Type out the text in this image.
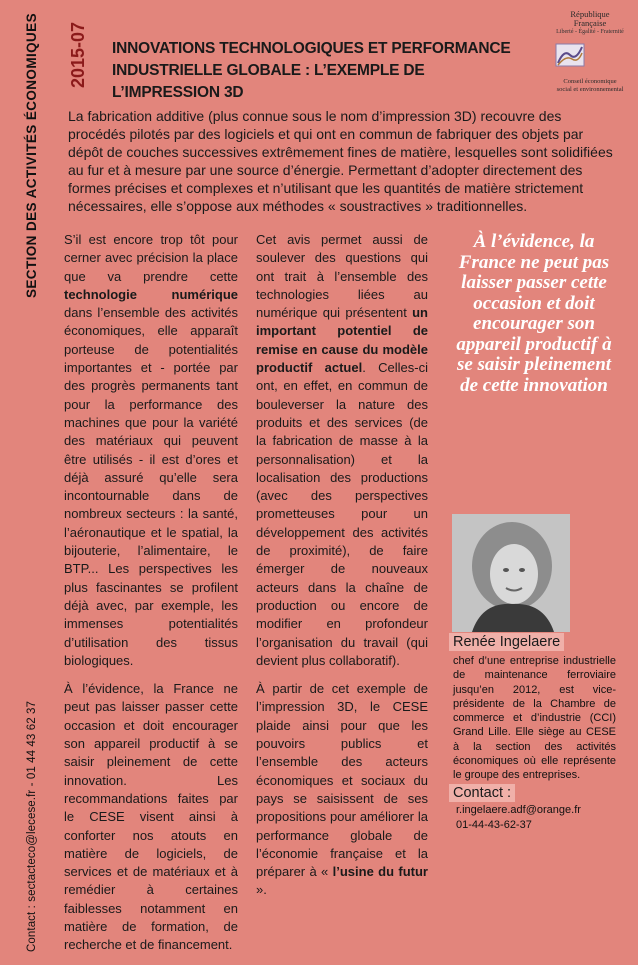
SECTION DES ACTIVITÉS ÉCONOMIQUES
Contact : sectacteco@lecese.fr - 01 44 43 62 37
2015-07 INNOVATIONS TECHNOLOGIQUES ET PERFORMANCE
INDUSTRIELLE GLOBALE : L’EXEMPLE DE L’IMPRESSION 3D
République Française
Liberté - Égalité - Fraternité
Conseil économique
social et environnemental
La fabrication additive (plus connue sous le nom d’impression 3D) recouvre des procédés pilotés par des logiciels et qui ont en commun de fabriquer des objets par dépôt de couches successives extrêmement fines de matière, lesquelles sont solidifiées au fur et à mesure par une source d’énergie. Permettant d’adopter directement des formes précises et complexes et n’utilisant que les quantités de matière strictement nécessaires, elle s’oppose aux méthodes « soustractives » traditionnelles.

S’il est encore trop tôt pour cerner avec précision la place que va prendre cette technologie numérique dans l’ensemble des activités économiques, elle apparaît porteuse de potentialités importantes et - portée par des progrès permanents tant pour la performance des machines que pour la variété des matériaux qui peuvent être utilisés - il est d’ores et déjà assuré qu’elle sera incontournable dans de nombreux secteurs : la santé, l’aéronautique et le spatial, la bijouterie, l’alimentaire, le BTP... Les perspectives les plus fascinantes se profilent déjà avec, par exemple, les immenses potentialités d’utilisation des tissus biologiques.

À l’évidence, la France ne peut pas laisser passer cette occasion et doit encourager son appareil productif à se saisir pleinement de cette innovation. Les recommandations faites par le CESE visent ainsi à conforter nos atouts en matière de logiciels, de services et de matériaux et à remédier à certaines faiblesses notamment en matière de formation, de recherche et de financement.

Cet avis permet aussi de soulever des questions qui ont trait à l’ensemble des technologies liées au numérique qui présentent un important potentiel de remise en cause du modèle productif actuel. Celles-ci ont, en effet, en commun de bouleverser la nature des produits et des services (de la fabrication de masse à la personnalisation) et la localisation des productions (avec des perspectives prometteuses pour un développement des activités de proximité), de faire émerger de nouveaux acteurs dans la chaîne de production ou encore de modifier en profondeur l’organisation du travail (qui devient plus collaboratif).

À partir de cet exemple de l’impression 3D, le CESE plaide ainsi pour que les pouvoirs publics et l’ensemble des acteurs économiques et sociaux du pays se saisissent de ses propositions pour améliorer la performance globale de l’économie française et la préparer à « l’usine du futur ».

À l’évidence, la France ne peut pas laisser passer cette occasion et doit encourager son appareil productif à se saisir pleinement de cette innovation
Renée Ingelaere
chef d’une entreprise industrielle de maintenance ferroviaire jusqu’en 2012, est vice-présidente de la Chambre de commerce et d’industrie (CCI) Grand Lille. Elle siège au CESE à la section des activités économiques où elle représente le groupe des entreprises.
Contact :
r.ingelaere.adf@orange.fr
01-44-43-62-37
